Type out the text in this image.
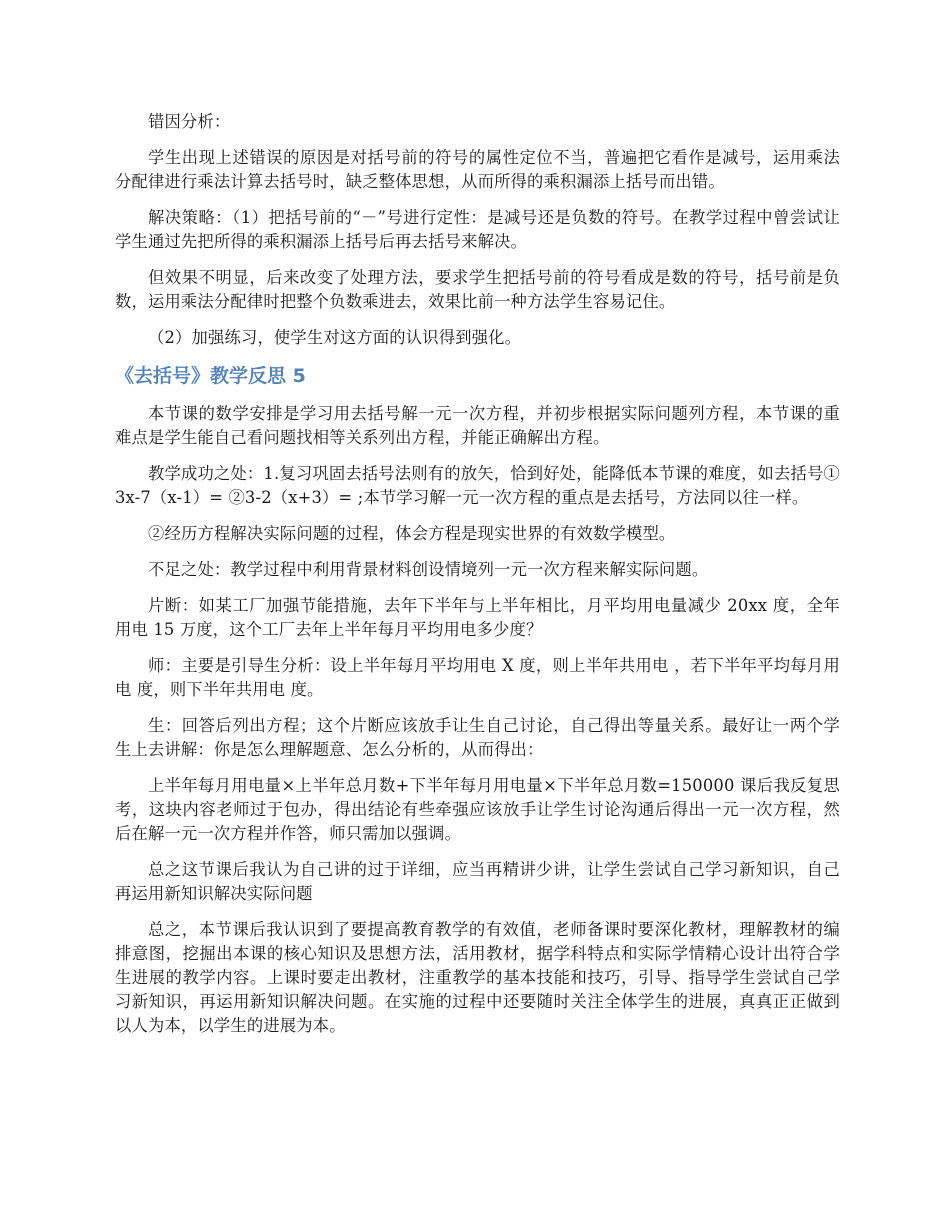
错因分析：

学生出现上述错误的原因是对括号前的符号的属性定位不当，普遍把它看作是减号，运用乘法分配律进行乘法计算去括号时，缺乏整体思想，从而所得的乘积漏添上括号而出错。

解决策略：（1）把括号前的“－”号进行定性：是减号还是负数的符号。在教学过程中曾尝试让学生通过先把所得的乘积漏添上括号后再去括号来解决。

但效果不明显，后来改变了处理方法，要求学生把括号前的符号看成是数的符号，括号前是负数，运用乘法分配律时把整个负数乘进去，效果比前一种方法学生容易记住。

（2）加强练习，使学生对这方面的认识得到强化。

《去括号》教学反思 5

本节课的数学安排是学习用去括号解一元一次方程，并初步根据实际问题列方程，本节课的重难点是学生能自己看问题找相等关系列出方程，并能正确解出方程。

教学成功之处：1.复习巩固去括号法则有的放矢，恰到好处，能降低本节课的难度，如去括号① 3x-7（x-1）= ②3-2（x+3）= ;本节学习解一元一次方程的重点是去括号，方法同以往一样。

②经历方程解决实际问题的过程，体会方程是现实世界的有效数学模型。

不足之处：教学过程中利用背景材料创设情境列一元一次方程来解实际问题。

片断：如某工厂加强节能措施，去年下半年与上半年相比，月平均用电量减少 20xx 度，全年用电 15 万度，这个工厂去年上半年每月平均用电多少度？

师：主要是引导生分析：设上半年每月平均用电 X 度，则上半年共用电 ，若下半年平均每月用电 度，则下半年共用电 度。

生：回答后列出方程；这个片断应该放手让生自己讨论，自己得出等量关系。最好让一两个学生上去讲解：你是怎么理解题意、怎么分析的，从而得出：

上半年每月用电量×上半年总月数+下半年每月用电量×下半年总月数=150000 课后我反复思考，这块内容老师过于包办，得出结论有些牵强应该放手让学生讨论沟通后得出一元一次方程，然后在解一元一次方程并作答，师只需加以强调。

总之这节课后我认为自己讲的过于详细，应当再精讲少讲，让学生尝试自己学习新知识，自己再运用新知识解决实际问题

总之，本节课后我认识到了要提高教育教学的有效值，老师备课时要深化教材，理解教材的编排意图，挖掘出本课的核心知识及思想方法，活用教材，据学科特点和实际学情精心设计出符合学生进展的教学内容。上课时要走出教材，注重教学的基本技能和技巧，引导、指导学生尝试自己学习新知识，再运用新知识解决问题。在实施的过程中还要随时关注全体学生的进展，真真正正做到以人为本，以学生的进展为本。
